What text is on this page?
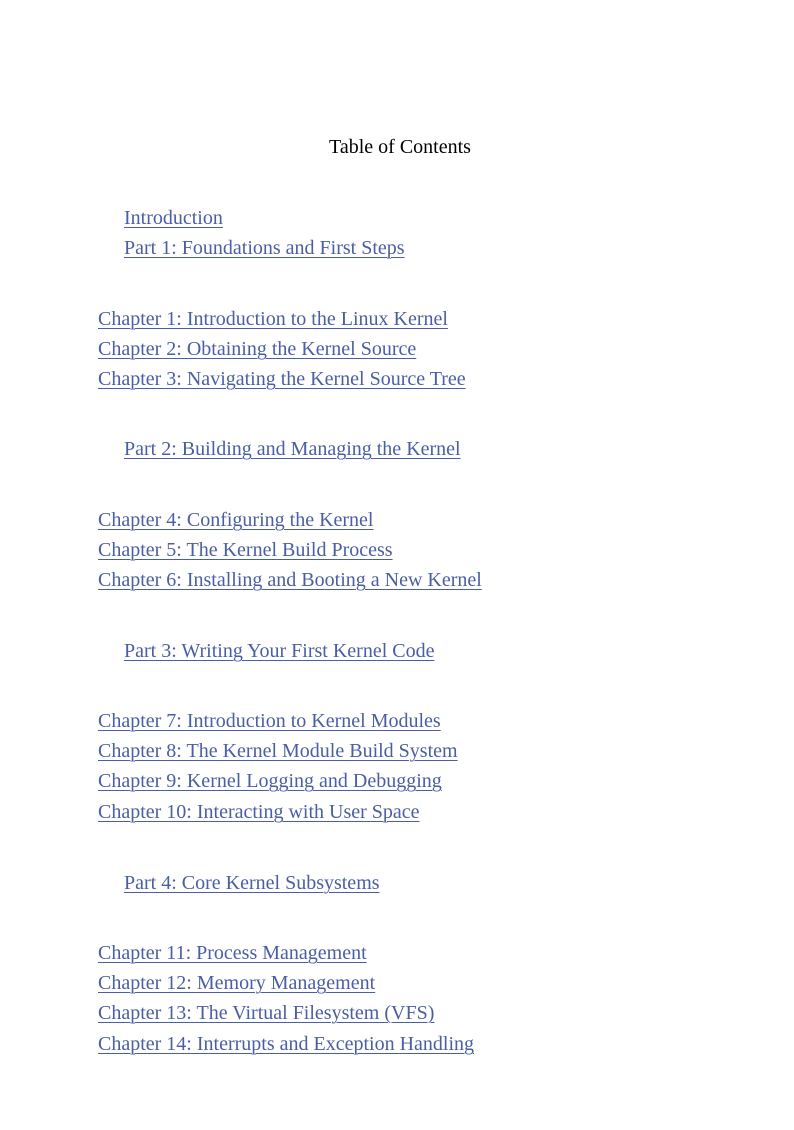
Table of Contents
Introduction
Part 1: Foundations and First Steps
Chapter 1: Introduction to the Linux Kernel
Chapter 2: Obtaining the Kernel Source
Chapter 3: Navigating the Kernel Source Tree
Part 2: Building and Managing the Kernel
Chapter 4: Configuring the Kernel
Chapter 5: The Kernel Build Process
Chapter 6: Installing and Booting a New Kernel
Part 3: Writing Your First Kernel Code
Chapter 7: Introduction to Kernel Modules
Chapter 8: The Kernel Module Build System
Chapter 9: Kernel Logging and Debugging
Chapter 10: Interacting with User Space
Part 4: Core Kernel Subsystems
Chapter 11: Process Management
Chapter 12: Memory Management
Chapter 13: The Virtual Filesystem (VFS)
Chapter 14: Interrupts and Exception Handling
